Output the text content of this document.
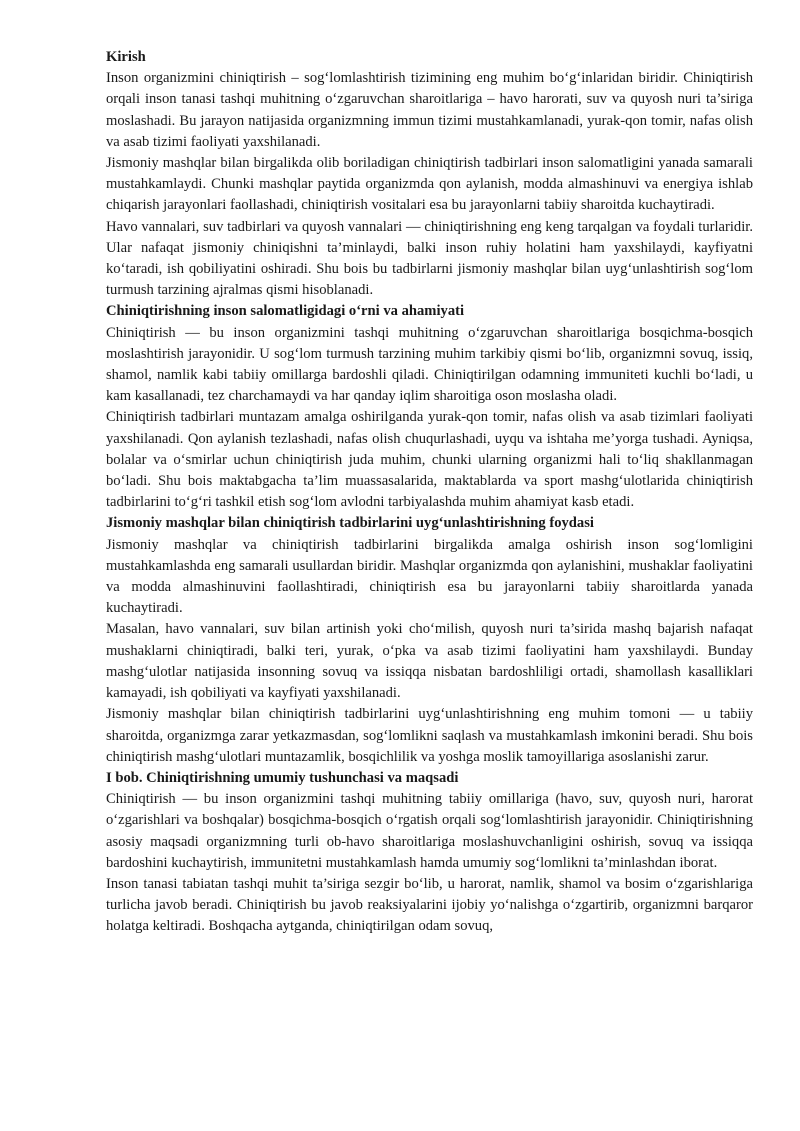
Kirish

Inson organizmini chiniqtirish – sog‘lomlashtirish tizimining eng muhim bo‘g‘inlaridan biridir. Chiniqtirish orqali inson tanasi tashqi muhitning o‘zgaruvchan sharoitlariga – havo harorati, suv va quyosh nuri ta’siriga moslashadi. Bu jarayon natijasida organizmning immun tizimi mustahkamlanadi, yurak-qon tomir, nafas olish va asab tizimi faoliyati yaxshilanadi.

Jismoniy mashqlar bilan birgalikda olib boriladigan chiniqtirish tadbirlari inson salomatligini yanada samarali mustahkamlaydi. Chunki mashqlar paytida organizmda qon aylanish, modda almashinuvi va energiya ishlab chiqarish jarayonlari faollashadi, chiniqtirish vositalari esa bu jarayonlarni tabiiy sharoitda kuchaytiradi.

Havo vannalari, suv tadbirlari va quyosh vannalari — chiniqtirishning eng keng tarqalgan va foydali turlaridir. Ular nafaqat jismoniy chiniqishni ta’minlaydi, balki inson ruhiy holatini ham yaxshilaydi, kayfiyatni ko‘taradi, ish qobiliyatini oshiradi. Shu bois bu tadbirlarni jismoniy mashqlar bilan uyg‘unlashtirish sog‘lom turmush tarzining ajralmas qismi hisoblanadi.

Chiniqtirishning inson salomatligidagi o‘rni va ahamiyati

Chiniqtirish — bu inson organizmini tashqi muhitning o‘zgaruvchan sharoitlariga bosqichma-bosqich moslashtirish jarayonidir. U sog‘lom turmush tarzining muhim tarkibiy qismi bo‘lib, organizmni sovuq, issiq, shamol, namlik kabi tabiiy omillarga bardoshli qiladi. Chiniqtirilgan odamning immuniteti kuchli bo‘ladi, u kam kasallanadi, tez charchamaydi va har qanday iqlim sharoitiga oson moslasha oladi.

Chiniqtirish tadbirlari muntazam amalga oshirilganda yurak-qon tomir, nafas olish va asab tizimlari faoliyati yaxshilanadi. Qon aylanish tezlashadi, nafas olish chuqurlashadi, uyqu va ishtaha me’yorga tushadi. Ayniqsa, bolalar va o‘smirlar uchun chiniqtirish juda muhim, chunki ularning organizmi hali to‘liq shakllanmagan bo‘ladi. Shu bois maktabgacha ta’lim muassasalarida, maktablarda va sport mashg‘ulotlarida chiniqtirish tadbirlarini to‘g‘ri tashkil etish sog‘lom avlodni tarbiyalashda muhim ahamiyat kasb etadi.

Jismoniy mashqlar bilan chiniqtirish tadbirlarini uyg‘unlashtirishning foydasi

Jismoniy mashqlar va chiniqtirish tadbirlarini birgalikda amalga oshirish inson sog‘lomligini mustahkamlashda eng samarali usullardan biridir. Mashqlar organizmda qon aylanishini, mushaklar faoliyatini va modda almashinuvini faollashtiradi, chiniqtirish esa bu jarayonlarni tabiiy sharoitlarda yanada kuchaytiradi.

Masalan, havo vannalari, suv bilan artinish yoki cho‘milish, quyosh nuri ta’sirida mashq bajarish nafaqat mushaklarni chiniqtiradi, balki teri, yurak, o‘pka va asab tizimi faoliyatini ham yaxshilaydi. Bunday mashg‘ulotlar natijasida insonning sovuq va issiqqa nisbatan bardoshliligi ortadi, shamollash kasalliklari kamayadi, ish qobiliyati va kayfiyati yaxshilanadi.

Jismoniy mashqlar bilan chiniqtirish tadbirlarini uyg‘unlashtirishning eng muhim tomoni — u tabiiy sharoitda, organizmga zarar yetkazmasdan, sog‘lomlikni saqlash va mustahkamlash imkonini beradi. Shu bois chiniqtirish mashg‘ulotlari muntazamlik, bosqichlilik va yoshga moslik tamoyillariga asoslanishi zarur.

I bob. Chiniqtirishning umumiy tushunchasi va maqsadi

Chiniqtirish — bu inson organizmini tashqi muhitning tabiiy omillariga (havo, suv, quyosh nuri, harorat o‘zgarishlari va boshqalar) bosqichma-bosqich o‘rgatish orqali sog‘lomlashtirish jarayonidir. Chiniqtirishning asosiy maqsadi organizmning turli ob-havo sharoitlariga moslashuvchanligini oshirish, sovuq va issiqqa bardoshini kuchaytirish, immunitetni mustahkamlash hamda umumiy sog‘lomlikni ta’minlashdan iborat.

Inson tanasi tabiatan tashqi muhit ta’siriga sezgir bo‘lib, u harorat, namlik, shamol va bosim o‘zgarishlariga turlicha javob beradi. Chiniqtirish bu javob reaksiyalarini ijobiy yo‘nalishga o‘zgartirib, organizmni barqaror holatga keltiradi. Boshqacha aytganda, chiniqtirilgan odam sovuq,
